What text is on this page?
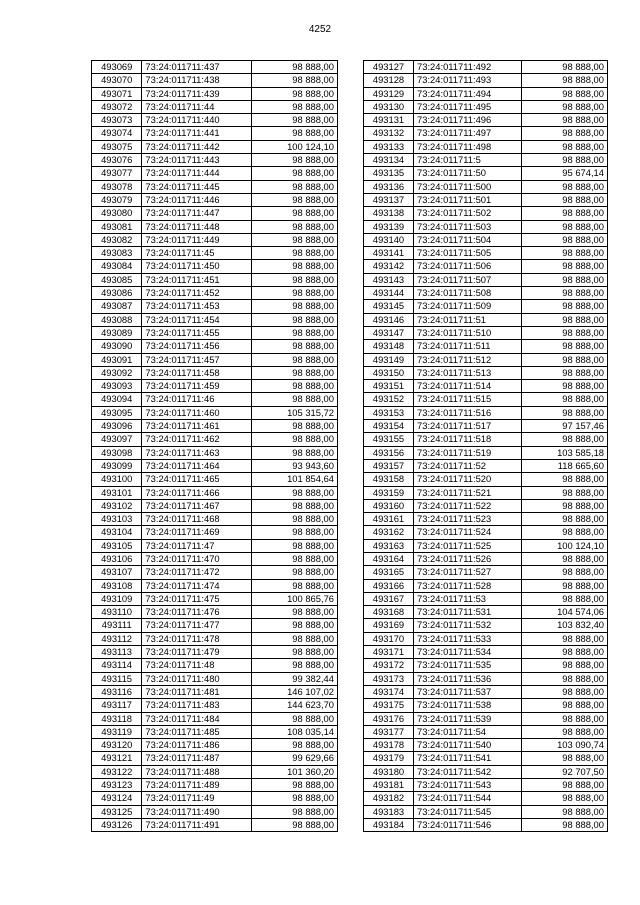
4252
493069	73:24:011711:437	98 888,00
493070	73:24:011711:438	98 888,00
493071	73:24:011711:439	98 888,00
493072	73:24:011711:44	98 888,00
493073	73:24:011711:440	98 888,00
493074	73:24:011711:441	98 888,00
493075	73:24:011711:442	100 124,10
493076	73:24:011711:443	98 888,00
493077	73:24:011711:444	98 888,00
493078	73:24:011711:445	98 888,00
493079	73:24:011711:446	98 888,00
493080	73:24:011711:447	98 888,00
493081	73:24:011711:448	98 888,00
493082	73:24:011711:449	98 888,00
493083	73:24:011711:45	98 888,00
493084	73:24:011711:450	98 888,00
493085	73:24:011711:451	98 888,00
493086	73:24:011711:452	98 888,00
493087	73:24:011711:453	98 888,00
493088	73:24:011711:454	98 888,00
493089	73:24:011711:455	98 888,00
493090	73:24:011711:456	98 888,00
493091	73:24:011711:457	98 888,00
493092	73:24:011711:458	98 888,00
493093	73:24:011711:459	98 888,00
493094	73:24:011711:46	98 888,00
493095	73:24:011711:460	105 315,72
493096	73:24:011711:461	98 888,00
493097	73:24:011711:462	98 888,00
493098	73:24:011711:463	98 888,00
493099	73:24:011711:464	93 943,60
493100	73:24:011711:465	101 854,64
493101	73:24:011711:466	98 888,00
493102	73:24:011711:467	98 888,00
493103	73:24:011711:468	98 888,00
493104	73:24:011711:469	98 888,00
493105	73:24:011711:47	98 888,00
493106	73:24:011711:470	98 888,00
493107	73:24:011711:472	98 888,00
493108	73:24:011711:474	98 888,00
493109	73:24:011711:475	100 865,76
493110	73:24:011711:476	98 888,00
493111	73:24:011711:477	98 888,00
493112	73:24:011711:478	98 888,00
493113	73:24:011711:479	98 888,00
493114	73:24:011711:48	98 888,00
493115	73:24:011711:480	99 382,44
493116	73:24:011711:481	146 107,02
493117	73:24:011711:483	144 623,70
493118	73:24:011711:484	98 888,00
493119	73:24:011711:485	108 035,14
493120	73:24:011711:486	98 888,00
493121	73:24:011711:487	99 629,66
493122	73:24:011711:488	101 360,20
493123	73:24:011711:489	98 888,00
493124	73:24:011711:49	98 888,00
493125	73:24:011711:490	98 888,00
493126	73:24:011711:491	98 888,00
493127	73:24:011711:492	98 888,00
493128	73:24:011711:493	98 888,00
493129	73:24:011711:494	98 888,00
493130	73:24:011711:495	98 888,00
493131	73:24:011711:496	98 888,00
493132	73:24:011711:497	98 888,00
493133	73:24:011711:498	98 888,00
493134	73:24:011711:5	98 888,00
493135	73:24:011711:50	95 674,14
493136	73:24:011711:500	98 888,00
493137	73:24:011711:501	98 888,00
493138	73:24:011711:502	98 888,00
493139	73:24:011711:503	98 888,00
493140	73:24:011711:504	98 888,00
493141	73:24:011711:505	98 888,00
493142	73:24:011711:506	98 888,00
493143	73:24:011711:507	98 888,00
493144	73:24:011711:508	98 888,00
493145	73:24:011711:509	98 888,00
493146	73:24:011711:51	98 888,00
493147	73:24:011711:510	98 888,00
493148	73:24:011711:511	98 888,00
493149	73:24:011711:512	98 888,00
493150	73:24:011711:513	98 888,00
493151	73:24:011711:514	98 888,00
493152	73:24:011711:515	98 888,00
493153	73:24:011711:516	98 888,00
493154	73:24:011711:517	97 157,46
493155	73:24:011711:518	98 888,00
493156	73:24:011711:519	103 585,18
493157	73:24:011711:52	118 665,60
493158	73:24:011711:520	98 888,00
493159	73:24:011711:521	98 888,00
493160	73:24:011711:522	98 888,00
493161	73:24:011711:523	98 888,00
493162	73:24:011711:524	98 888,00
493163	73:24:011711:525	100 124,10
493164	73:24:011711:526	98 888,00
493165	73:24:011711:527	98 888,00
493166	73:24:011711:528	98 888,00
493167	73:24:011711:53	98 888,00
493168	73:24:011711:531	104 574,06
493169	73:24:011711:532	103 832,40
493170	73:24:011711:533	98 888,00
493171	73:24:011711:534	98 888,00
493172	73:24:011711:535	98 888,00
493173	73:24:011711:536	98 888,00
493174	73:24:011711:537	98 888,00
493175	73:24:011711:538	98 888,00
493176	73:24:011711:539	98 888,00
493177	73:24:011711:54	98 888,00
493178	73:24:011711:540	103 090,74
493179	73:24:011711:541	98 888,00
493180	73:24:011711:542	92 707,50
493181	73:24:011711:543	98 888,00
493182	73:24:011711:544	98 888,00
493183	73:24:011711:545	98 888,00
493184	73:24:011711:546	98 888,00
